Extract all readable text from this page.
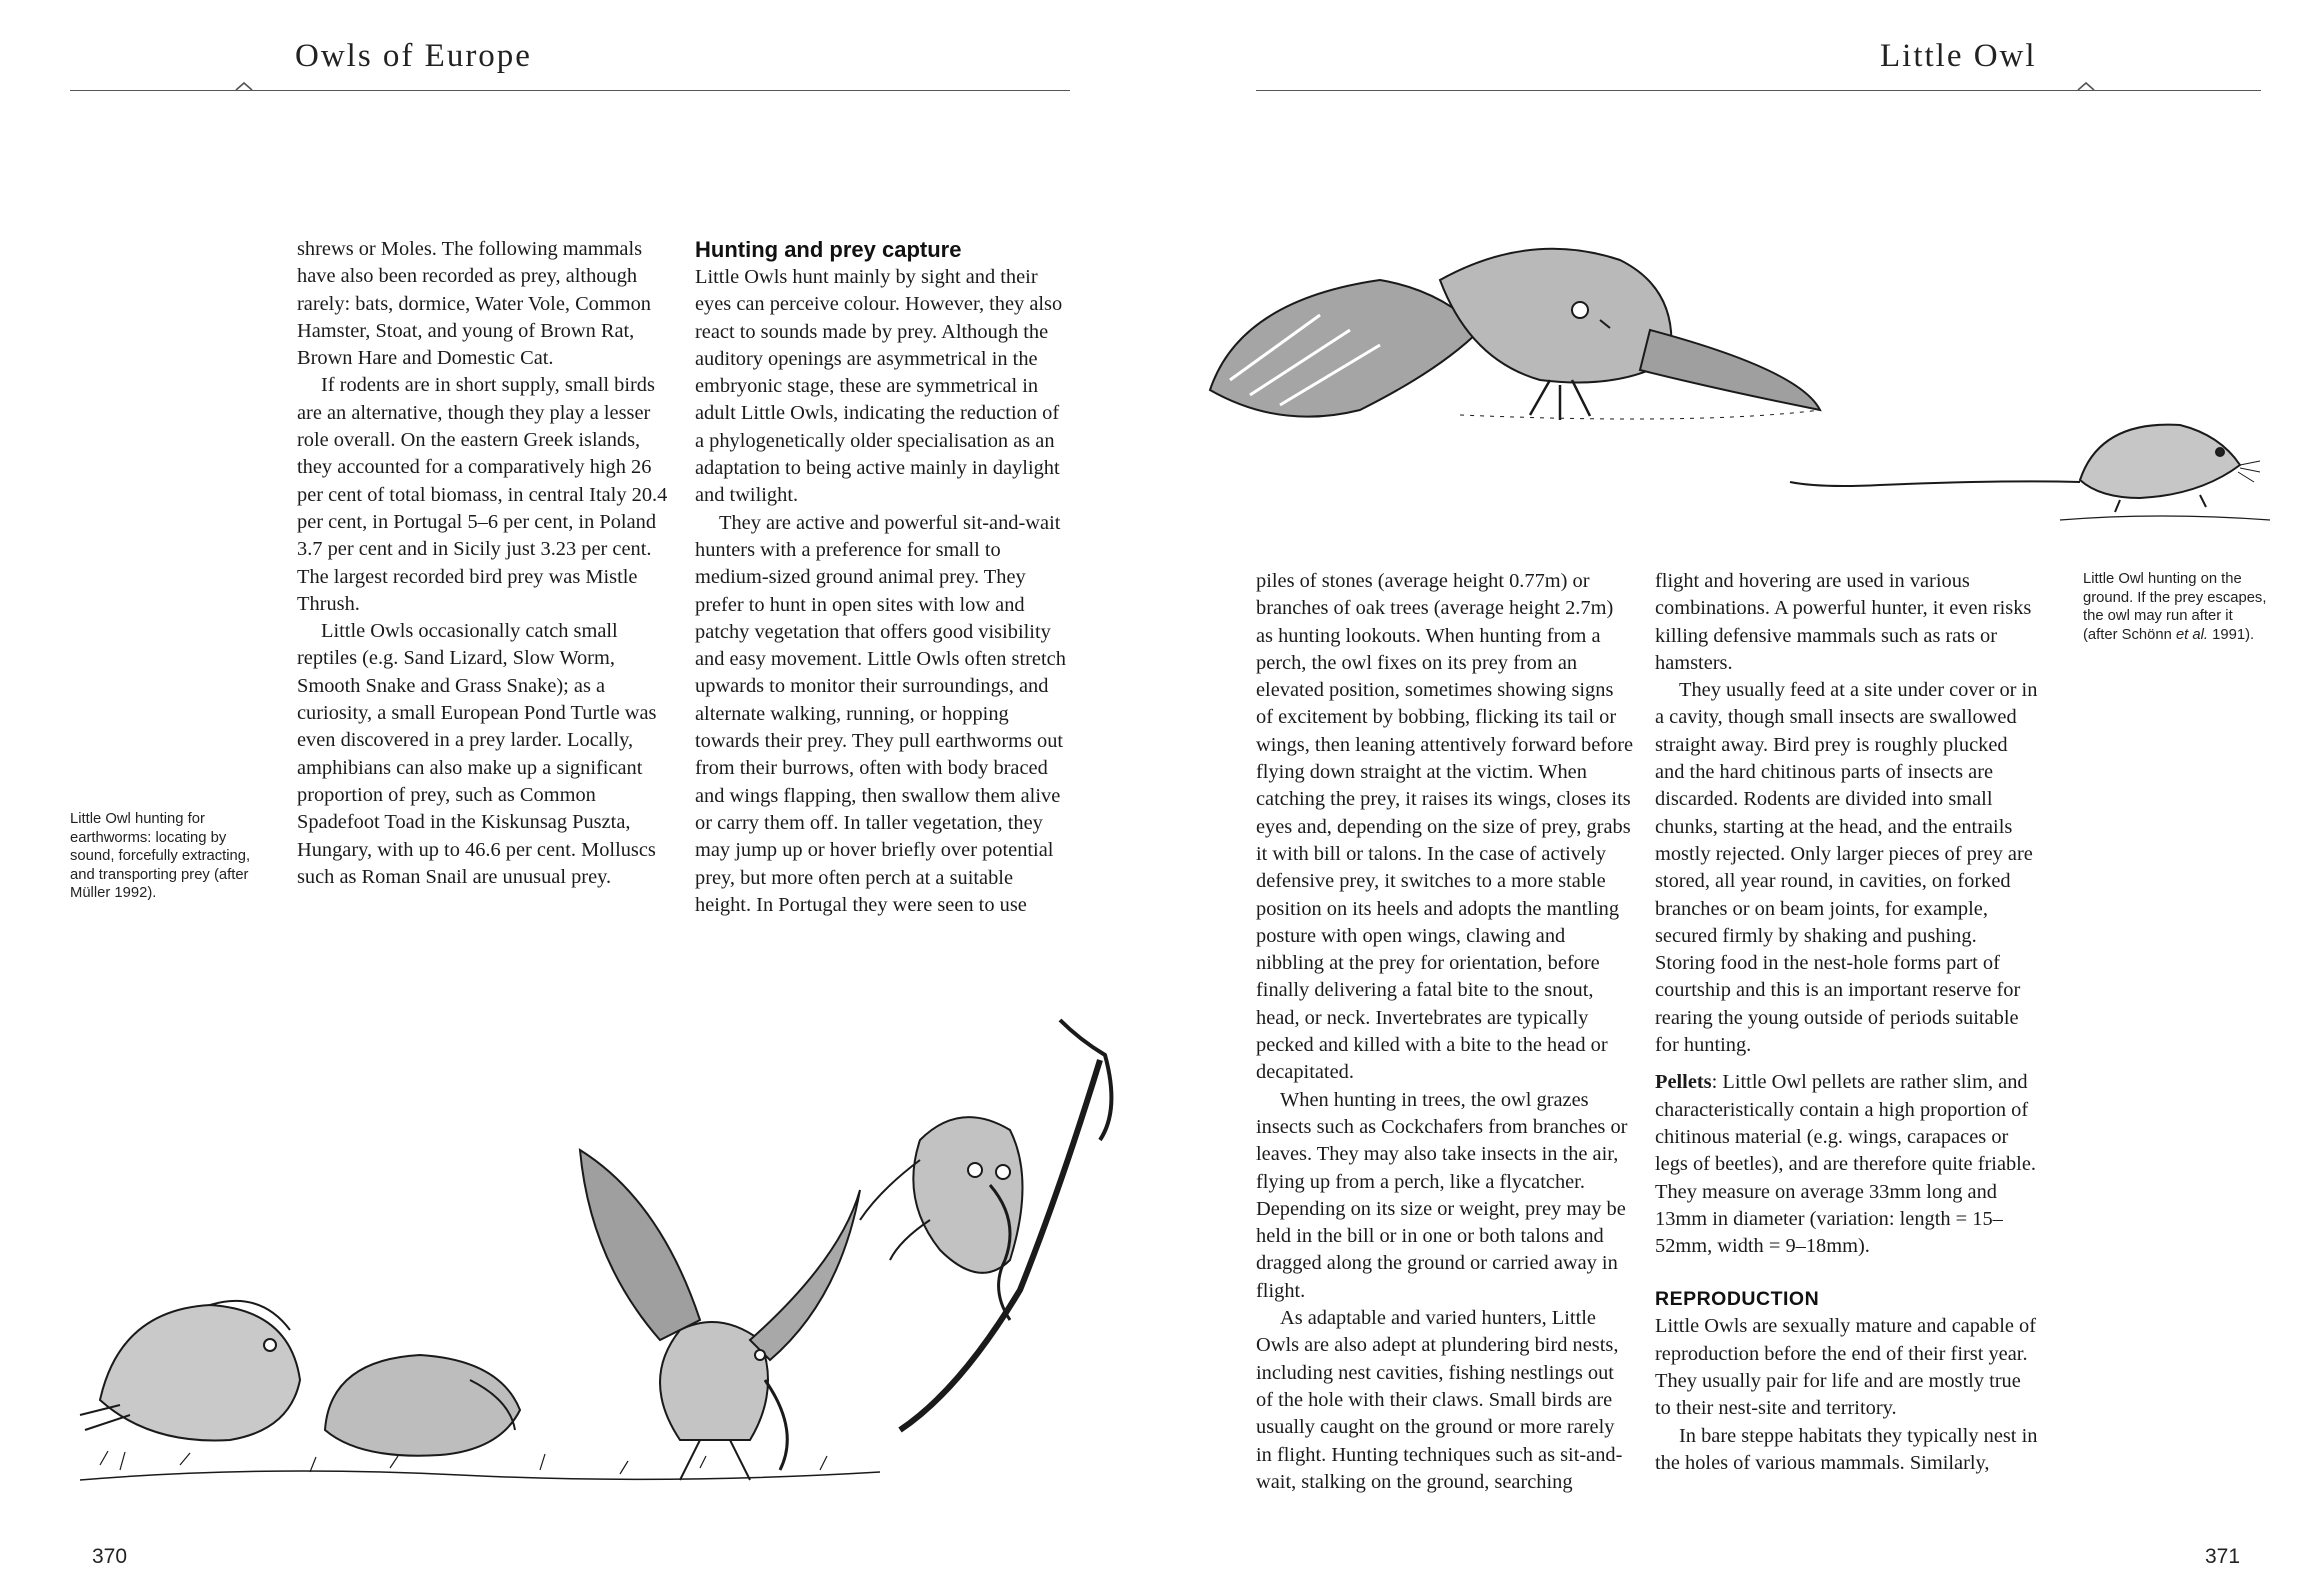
Owls of Europe

shrews or Moles. The following mammals have also been recorded as prey, although rarely: bats, dormice, Water Vole, Common Hamster, Stoat, and young of Brown Rat, Brown Hare and Domestic Cat.

If rodents are in short supply, small birds are an alternative, though they play a lesser role overall. On the eastern Greek islands, they accounted for a comparatively high 26 per cent of total biomass, in central Italy 20.4 per cent, in Portugal 5–6 per cent, in Poland 3.7 per cent and in Sicily just 3.23 per cent. The largest recorded bird prey was Mistle Thrush.

Little Owls occasionally catch small reptiles (e.g. Sand Lizard, Slow Worm, Smooth Snake and Grass Snake); as a curiosity, a small European Pond Turtle was even discovered in a prey larder. Locally, amphibians can also make up a significant proportion of prey, such as Common Spadefoot Toad in the Kiskunsag Puszta, Hungary, with up to 46.6 per cent. Molluscs such as Roman Snail are unusual prey.

Hunting and prey capture

Little Owls hunt mainly by sight and their eyes can perceive colour. However, they also react to sounds made by prey. Although the auditory openings are asymmetrical in the embryonic stage, these are symmetrical in adult Little Owls, indicating the reduction of a phylogenetically older specialisation as an adaptation to being active mainly in daylight and twilight.

They are active and powerful sit-and-wait hunters with a preference for small to medium-sized ground animal prey. They prefer to hunt in open sites with low and patchy vegetation that offers good visibility and easy movement. Little Owls often stretch upwards to monitor their surroundings, and alternate walking, running, or hopping towards their prey. They pull earthworms out from their burrows, often with body braced and wings flapping, then swallow them alive or carry them off. In taller vegetation, they may jump up or hover briefly over potential prey, but more often perch at a suitable height. In Portugal they were seen to use

Little Owl hunting for earthworms: locating by sound, forcefully extracting, and transporting prey (after Müller 1992).
370
Little Owl
Little Owl hunting on the ground. If the prey escapes, the owl may run after it (after Schönn et al. 1991).

piles of stones (average height 0.77m) or branches of oak trees (average height 2.7m) as hunting lookouts. When hunting from a perch, the owl fixes on its prey from an elevated position, sometimes showing signs of excitement by bobbing, flicking its tail or wings, then leaning attentively forward before flying down straight at the victim. When catching the prey, it raises its wings, closes its eyes and, depending on the size of prey, grabs it with bill or talons. In the case of actively defensive prey, it switches to a more stable position on its heels and adopts the mantling posture with open wings, clawing and nibbling at the prey for orientation, before finally delivering a fatal bite to the snout, head, or neck. Invertebrates are typically pecked and killed with a bite to the head or decapitated.

When hunting in trees, the owl grazes insects such as Cockchafers from branches or leaves. They may also take insects in the air, flying up from a perch, like a flycatcher. Depending on its size or weight, prey may be held in the bill or in one or both talons and dragged along the ground or carried away in flight.

As adaptable and varied hunters, Little Owls are also adept at plundering bird nests, including nest cavities, fishing nestlings out of the hole with their claws. Small birds are usually caught on the ground or more rarely in flight. Hunting techniques such as sit-and-wait, stalking on the ground, searching

flight and hovering are used in various combinations. A powerful hunter, it even risks killing defensive mammals such as rats or hamsters.

They usually feed at a site under cover or in a cavity, though small insects are swallowed straight away. Bird prey is roughly plucked and the hard chitinous parts of insects are discarded. Rodents are divided into small chunks, starting at the head, and the entrails mostly rejected. Only larger pieces of prey are stored, all year round, in cavities, on forked branches or on beam joints, for example, secured firmly by shaking and pushing. Storing food in the nest-hole forms part of courtship and this is an important reserve for rearing the young outside of periods suitable for hunting.

Pellets: Little Owl pellets are rather slim, and characteristically contain a high proportion of chitinous material (e.g. wings, carapaces or legs of beetles), and are therefore quite friable. They measure on average 33mm long and 13mm in diameter (variation: length = 15–52mm, width = 9–18mm).

REPRODUCTION

Little Owls are sexually mature and capable of reproduction before the end of their first year. They usually pair for life and are mostly true to their nest-site and territory.

In bare steppe habitats they typically nest in the holes of various mammals. Similarly,

371
